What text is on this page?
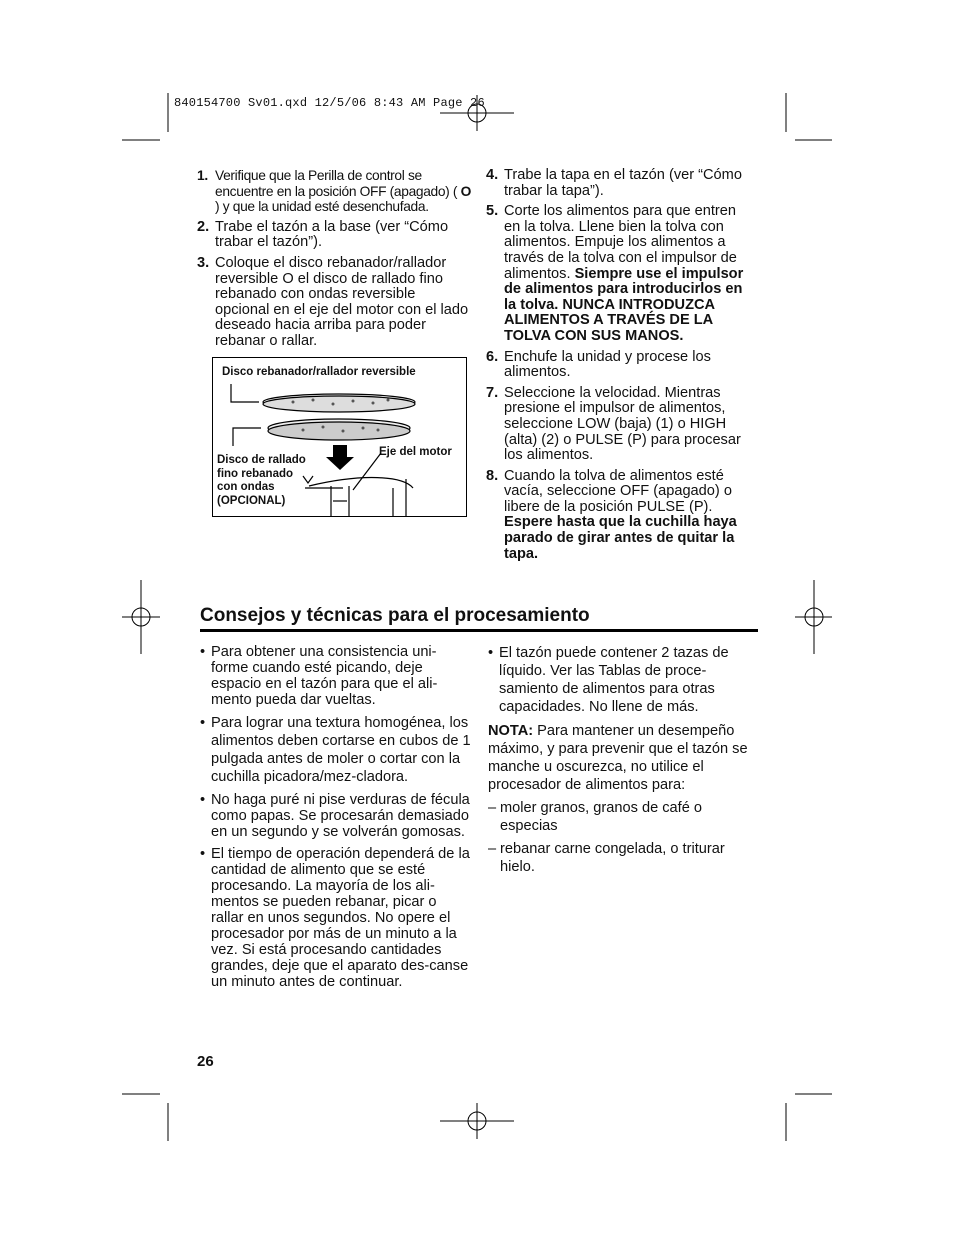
840154700 Sv01.qxd 12/5/06 8:43 AM Page 26
1. Verifique que la Perilla de control se encuentre en la posición OFF (apagado) ( O ) y que la unidad esté desenchufada.
2. Trabe el tazón a la base (ver “Cómo trabar el tazón”).
3. Coloque el disco rebanador/rallador reversible O el disco de rallado fino rebanado con ondas reversible opcional en el eje del motor con el lado deseado hacia arriba para poder rebanar o rallar.
Disco rebanador/rallador reversible
Disco de rallado fino rebanado con ondas (OPCIONAL)
Eje del motor
4. Trabe la tapa en el tazón (ver “Cómo trabar la tapa”).
5. Corte los alimentos para que entren en la tolva. Llene bien la tolva con alimentos. Empuje los alimentos a través de la tolva con el impulsor de alimentos. Siempre use el impulsor de alimentos para introducirlos en la tolva. NUNCA INTRODUZCA ALIMENTOS A TRAVÉS DE LA TOLVA CON SUS MANOS.
6. Enchufe la unidad y procese los alimentos.
7. Seleccione la velocidad. Mientras presione el impulsor de alimentos, seleccione LOW (baja) (1) o HIGH (alta) (2) o PULSE (P) para procesar los alimentos.
8. Cuando la tolva de alimentos esté vacía, seleccione OFF (apagado) o libere de la posición PULSE (P). Espere hasta que la cuchilla haya parado de girar antes de quitar la tapa.
Consejos y técnicas para el procesamiento
• Para obtener una consistencia uni-forme cuando esté picando, deje espacio en el tazón para que el ali-mento pueda dar vueltas.
• Para lograr una textura homogénea, los alimentos deben cortarse en cubos de 1 pulgada antes de moler o cortar con la cuchilla picadora/mez-cladora.
• No haga puré ni pise verduras de fécula como papas. Se procesarán demasiado en un segundo y se volverán gomosas.
• El tiempo de operación dependerá de la cantidad de alimento que se esté procesando. La mayoría de los ali-mentos se pueden rebanar, picar o rallar en unos segundos. No opere el procesador por más de un minuto a la vez. Si está procesando cantidades grandes, deje que el aparato des-canse un minuto antes de continuar.
• El tazón puede contener 2 tazas de líquido. Ver las Tablas de proce-samiento de alimentos para otras capacidades. No llene de más.
NOTA: Para mantener un desempeño máximo, y para prevenir que el tazón se manche u oscurezca, no utilice el procesador de alimentos para:
– moler granos, granos de café o especias
– rebanar carne congelada, o triturar hielo.
26
